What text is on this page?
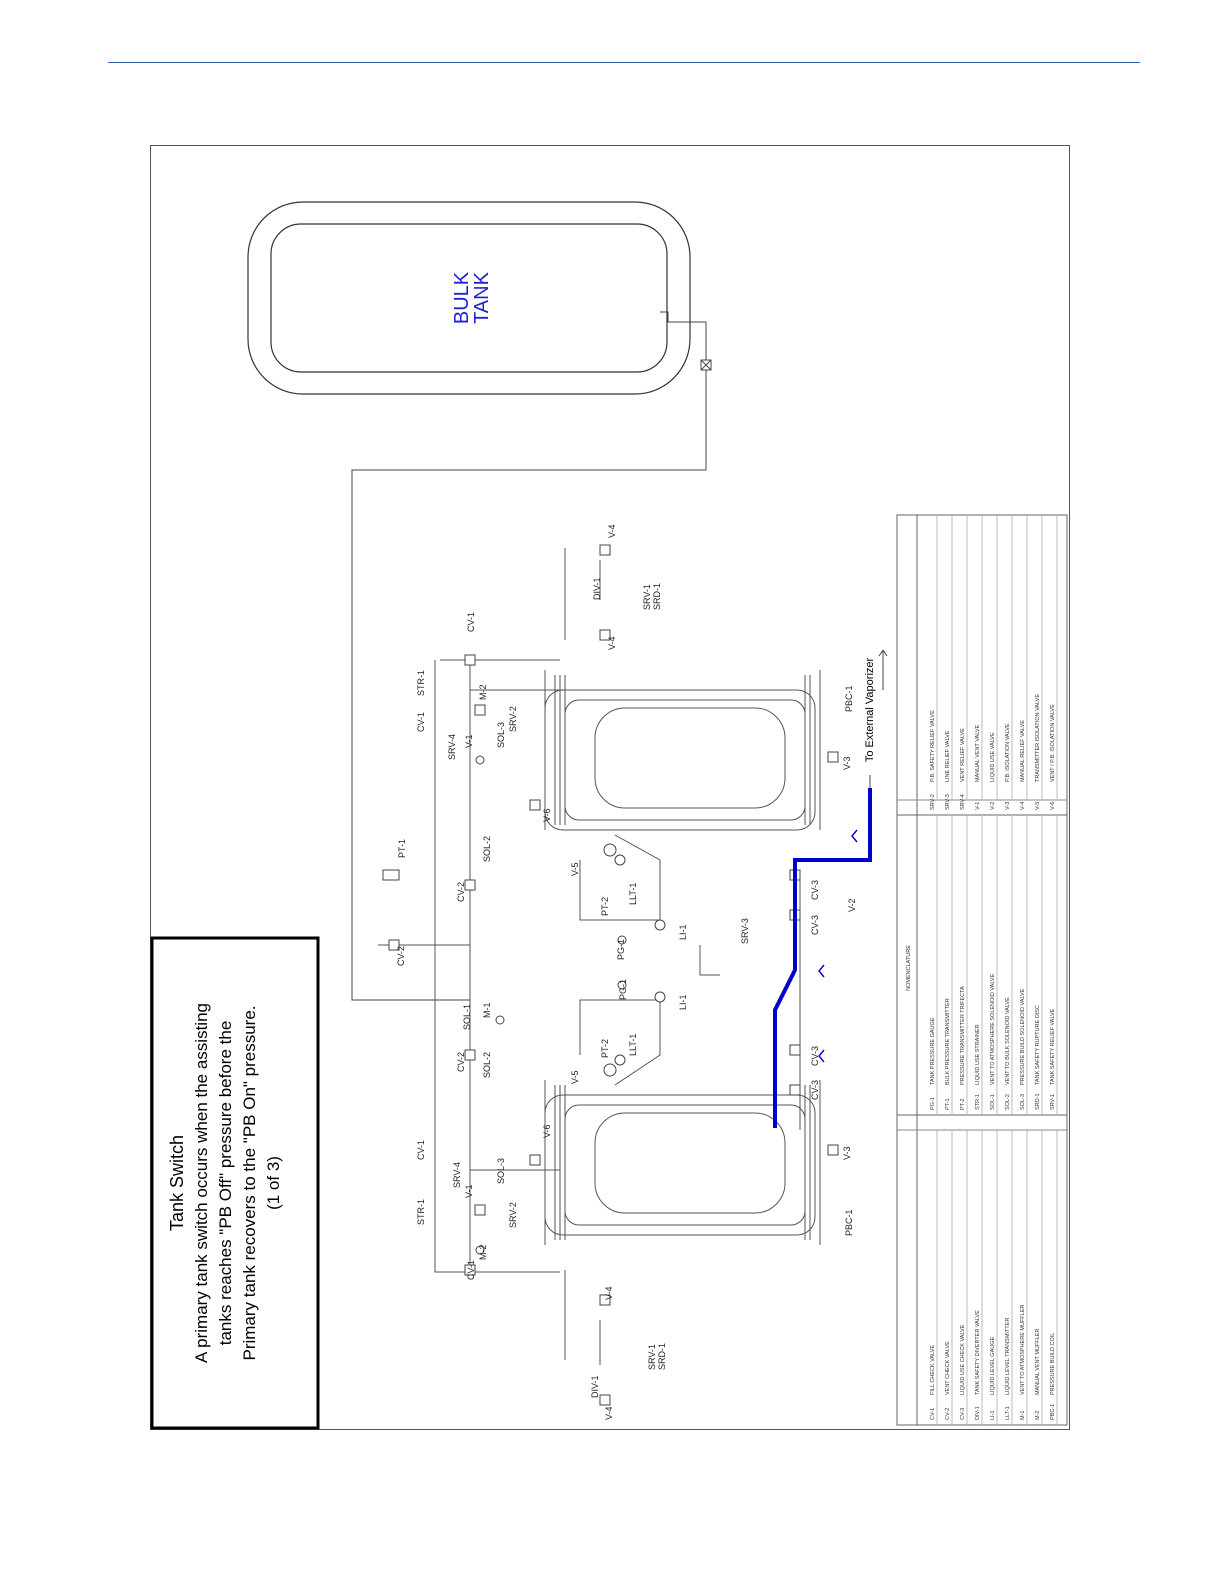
Tank Switch A primary tank switch occurs when the assisting tanks reaches "PB Off" pressure before the Primary tank recovers to the "PB On" pressure. (1 of 3)
BULK
TANK
To External Vaporizer
CV-1
CV-1
CV-1
CV-1
STR-1
STR-1
CV-2
CV-2
CV-2
PT-1	SOL-2
SOL-2
SOL-1 M-1
SRV-4
SRV-4
V-1
V-1
SOL-3
SOL-3
M-2
M-2
SRV-2
SRV-2
V-6
V-6
V-5
V-5
PT-2
PT-2
LLT-1
LLT-1
PG-1
PG-1
LI-1
LI-1
SRV-3
CV-3
CV-3
CV-3
CV-3
V-2
V-3
V-3
PBC-1
PBC-1
DIV-1
DIV-1
V-4
V-4
V-4
V-4
SRV-1 SRD-1
SRV-1 SRD-1
CV-1
FILL CHECK VALVE
CV-2
VENT CHECK VALVE
CV-3
LIQUID USE CHECK VALVE
DIV-1
TANK SAFETY DIVERTER VALVE
LI-1
LIQUID LEVEL GAUGE
LLT-1
LIQUID LEVEL TRANSMITTER
M-1
VENT TO ATMOSPHERE MUFFLER
M-2
MANUAL VENT MUFFLER
PBC-1
PRESSURE BUILD COIL
PG-1
TANK PRESSURE GAUGE
PT-1
BULK PRESSURE TRANSMITTER
PT-2
PRESSURE TRANSMITTER TRIFECTA
STR-1
LIQUID USE STRAINER
SOL-1
VENT TO ATMOSPHERE SOLENOID VALVE
SOL-2
VENT TO BULK SOLENOID VALVE
SOL-3
PRESSURE BUILD SOLENOID VALVE
SRD-1
TANK SAFETY RUPTURE DISC
SRV-1
TANK SAFETY RELIEF VALVE
SRV-2
P.B. SAFETY RELIEF VALVE
SRV-3
LINE RELIEF VALVE
SRV-4
VENT RELIEF VALVE
V-1
MANUAL VENT VALVE
V-2
LIQUID USE VALVE
V-3
P.B. ISOLATION VALVE
V-4
MANUAL RELIEF VALVE
V-5
TRANSMITTER ISOLATION VALVE
V-6
VENT / P.B. ISOLATION VALVE
NOMENCLATURE
